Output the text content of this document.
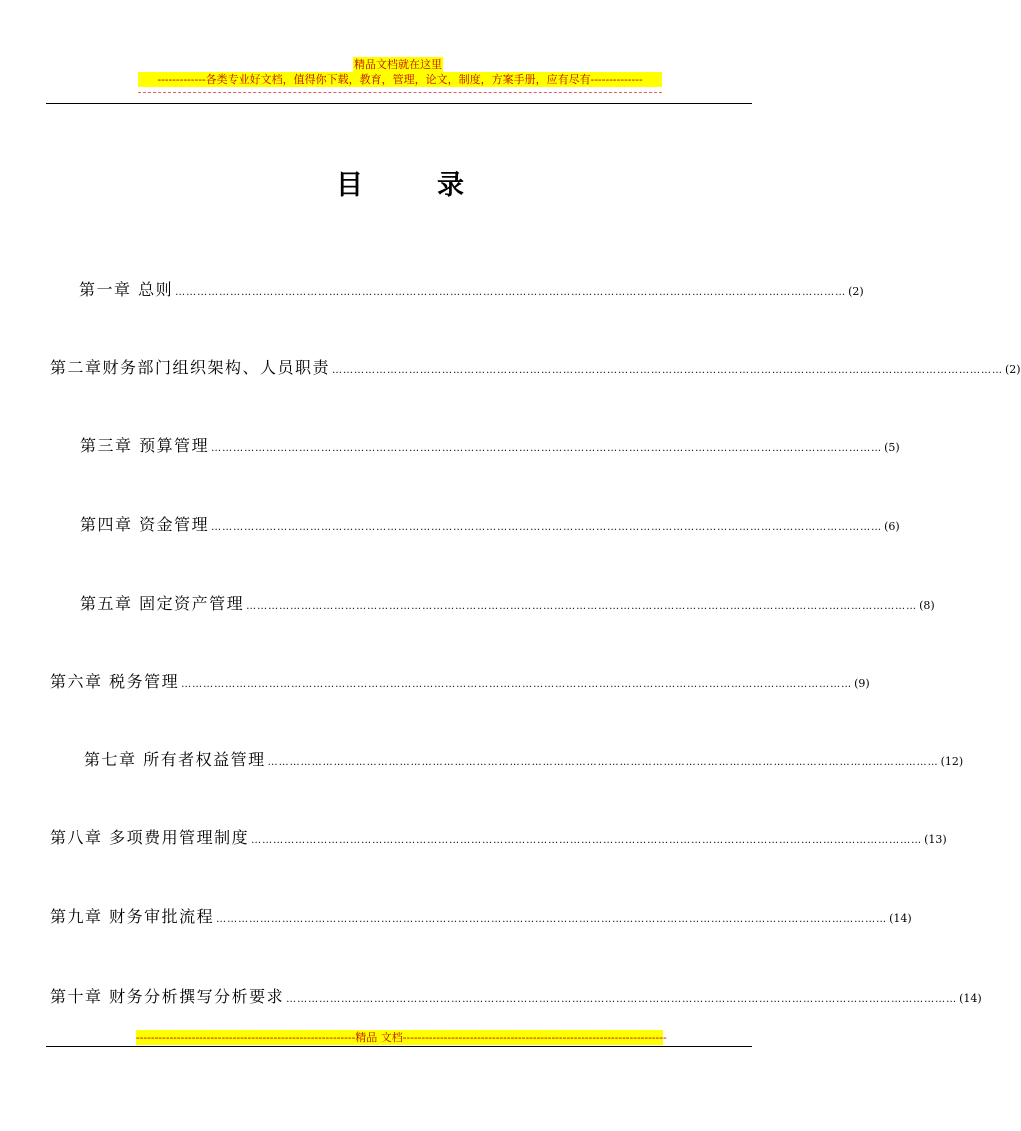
精品文档就在这里
-------------各类专业好文档，值得你下载，教育，管理，论文，制度，方案手册，应有尽有--------------
目录
第一章 总则 ………………………………………………………………………………………………………………………………………………………………… (2)
第二章财务部门组织架构、人员职责 ………………………………………………………………………………………………………………………………………………………………… (2)
第三章 预算管理 ………………………………………………………………………………………………………………………………………………………………… (5)
第四章 资金管理 ………………………………………………………………………………………………………………………………………………………………… (6)
第五章 固定资产管理 ………………………………………………………………………………………………………………………………………………………………… (8)
第六章 税务管理 ………………………………………………………………………………………………………………………………………………………………… (9)
第七章 所有者权益管理 ………………………………………………………………………………………………………………………………………………………………… (12)
第八章 多项费用管理制度 ………………………………………………………………………………………………………………………………………………………………… (13)
第九章 财务审批流程 ………………………………………………………………………………………………………………………………………………………………… (14)
第十章 财务分析撰写分析要求 ………………………………………………………………………………………………………………………………………………………………… (14)
-----------------------------------------------------------精品 文档-----------------------------------------------------------------------
